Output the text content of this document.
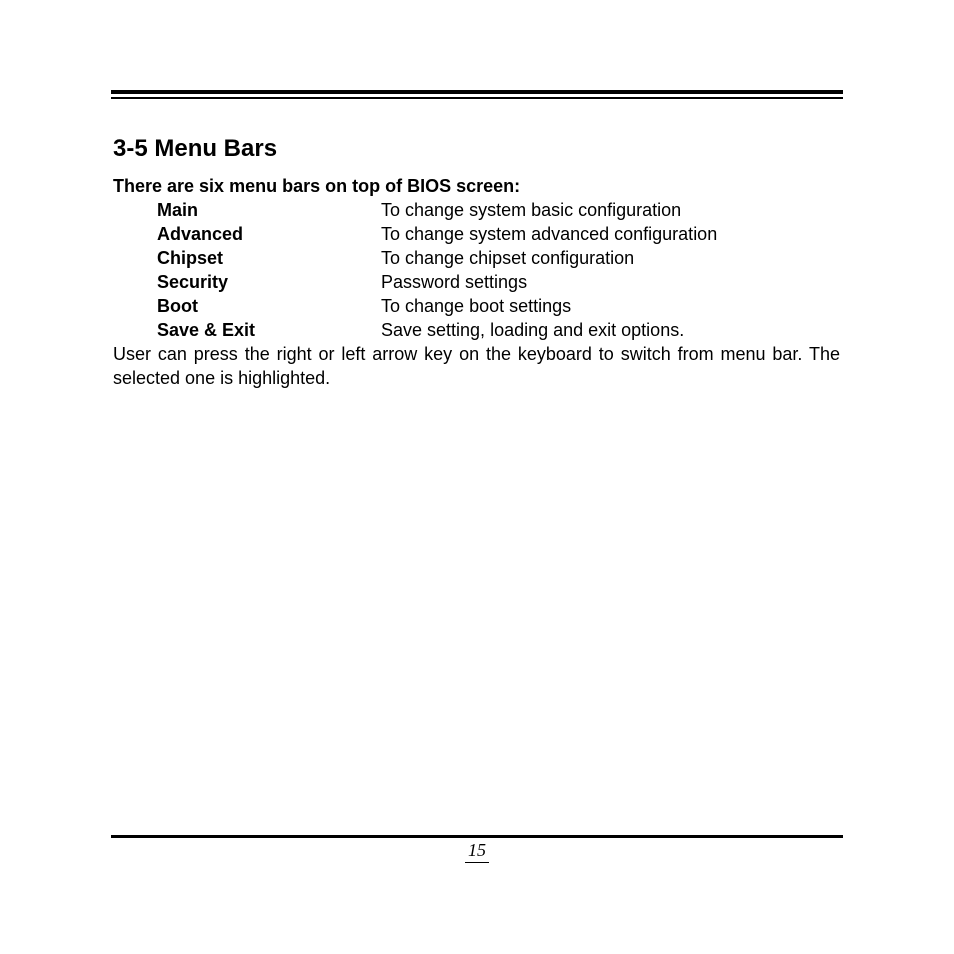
3-5 Menu Bars

There are six menu bars on top of BIOS screen:

Main	To change system basic configuration
Advanced	To change system advanced configuration
Chipset	To change chipset configuration
Security	Password settings
Boot	To change boot settings
Save & Exit	Save setting, loading and exit options.

User can press the right or left arrow key on the keyboard to switch from menu bar. The selected one is highlighted.

15
